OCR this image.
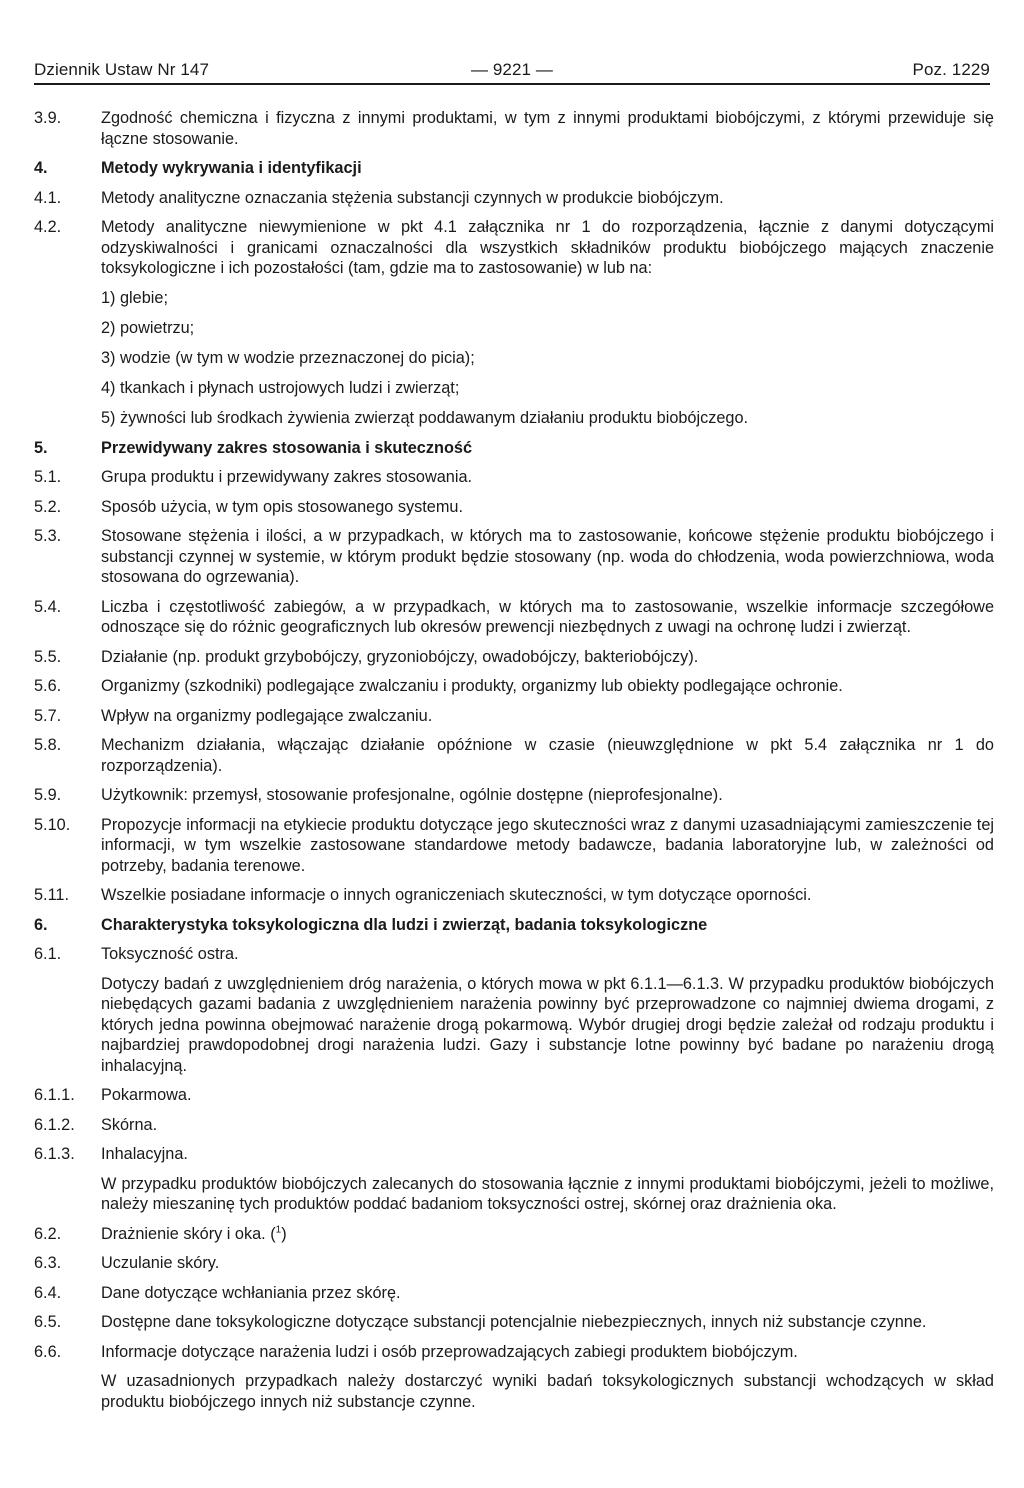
Dziennik Ustaw Nr 147	— 9221 —	Poz. 1229
3.9.	Zgodność chemiczna i fizyczna z innymi produktami, w tym z innymi produktami biobójczymi, z którymi przewiduje się łączne stosowanie.
4.	Metody wykrywania i identyfikacji
4.1.	Metody analityczne oznaczania stężenia substancji czynnych w produkcie biobójczym.
4.2.	Metody analityczne niewymienione w pkt 4.1 załącznika nr 1 do rozporządzenia, łącznie z danymi dotyczącymi odzyskiwalności i granicami oznaczalności dla wszystkich składników produktu biobójczego mających znaczenie toksykologiczne i ich pozostałości (tam, gdzie ma to zastosowanie) w lub na:
1) glebie;
2) powietrzu;
3) wodzie (w tym w wodzie przeznaczonej do picia);
4) tkankach i płynach ustrojowych ludzi i zwierząt;
5) żywności lub środkach żywienia zwierząt poddawanym działaniu produktu biobójczego.
5.	Przewidywany zakres stosowania i skuteczność
5.1.	Grupa produktu i przewidywany zakres stosowania.
5.2.	Sposób użycia, w tym opis stosowanego systemu.
5.3.	Stosowane stężenia i ilości, a w przypadkach, w których ma to zastosowanie, końcowe stężenie produktu biobójczego i substancji czynnej w systemie, w którym produkt będzie stosowany (np. woda do chłodzenia, woda powierzchniowa, woda stosowana do ogrzewania).
5.4.	Liczba i częstotliwość zabiegów, a w przypadkach, w których ma to zastosowanie, wszelkie informacje szczegółowe odnoszące się do różnic geograficznych lub okresów prewencji niezbędnych z uwagi na ochronę ludzi i zwierząt.
5.5.	Działanie (np. produkt grzybobójczy, gryzoniobójczy, owadobójczy, bakteriobójczy).
5.6.	Organizmy (szkodniki) podlegające zwalczaniu i produkty, organizmy lub obiekty podlegające ochronie.
5.7.	Wpływ na organizmy podlegające zwalczaniu.
5.8.	Mechanizm działania, włączając działanie opóźnione w czasie (nieuwzględnione w pkt 5.4 załącznika nr 1 do rozporządzenia).
5.9.	Użytkownik: przemysł, stosowanie profesjonalne, ogólnie dostępne (nieprofesjonalne).
5.10.	Propozycje informacji na etykiecie produktu dotyczące jego skuteczności wraz z danymi uzasadniającymi zamieszczenie tej informacji, w tym wszelkie zastosowane standardowe metody badawcze, badania laboratoryjne lub, w zależności od potrzeby, badania terenowe.
5.11.	Wszelkie posiadane informacje o innych ograniczeniach skuteczności, w tym dotyczące oporności.
6.	Charakterystyka toksykologiczna dla ludzi i zwierząt, badania toksykologiczne
6.1.	Toksyczność ostra.
Dotyczy badań z uwzględnieniem dróg narażenia, o których mowa w pkt 6.1.1—6.1.3. W przypadku produktów biobójczych niebędących gazami badania z uwzględnieniem narażenia powinny być przeprowadzone co najmniej dwiema drogami, z których jedna powinna obejmować narażenie drogą pokarmową. Wybór drugiej drogi będzie zależał od rodzaju produktu i najbardziej prawdopodobnej drogi narażenia ludzi. Gazy i substancje lotne powinny być badane po narażeniu drogą inhalacyjną.
6.1.1.	Pokarmowa.
6.1.2.	Skórna.
6.1.3.	Inhalacyjna.
W przypadku produktów biobójczych zalecanych do stosowania łącznie z innymi produktami biobójczymi, jeżeli to możliwe, należy mieszaninę tych produktów poddać badaniom toksyczności ostrej, skórnej oraz drażnienia oka.
6.2.	Drażnienie skóry i oka. ($^1$)
6.3.	Uczulanie skóry.
6.4.	Dane dotyczące wchłaniania przez skórę.
6.5.	Dostępne dane toksykologiczne dotyczące substancji potencjalnie niebezpiecznych, innych niż substancje czynne.
6.6.	Informacje dotyczące narażenia ludzi i osób przeprowadzających zabiegi produktem biobójczym.
W uzasadnionych przypadkach należy dostarczyć wyniki badań toksykologicznych substancji wchodzących w skład produktu biobójczego innych niż substancje czynne.
